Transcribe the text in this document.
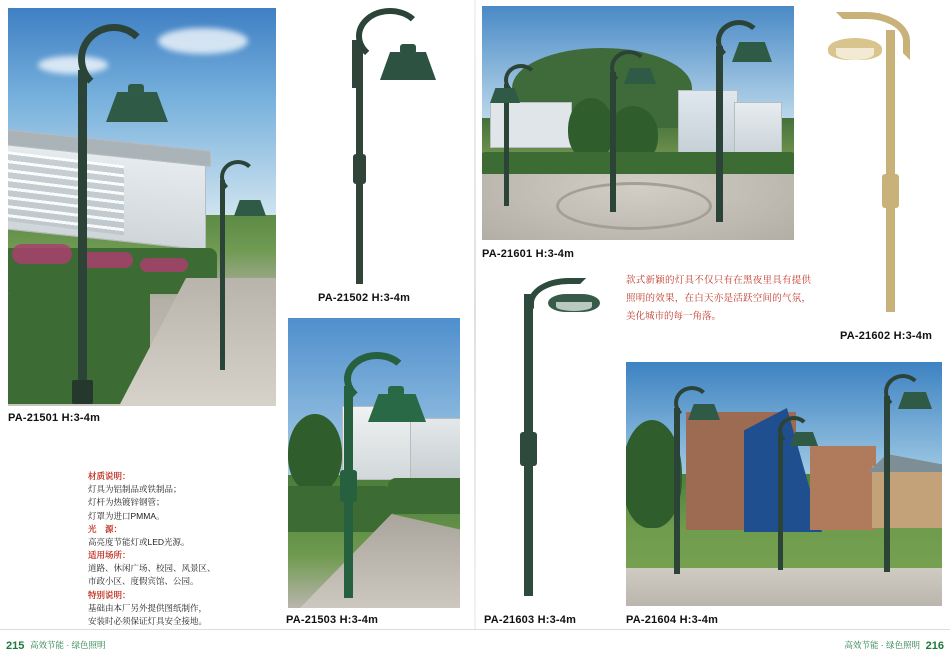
PA-21501 H:3-4m
材质说明：
灯具为铝制品或铁制品；
灯杆为热镀锌钢管；
灯罩为进口PMMA。
光　源：
高亮度节能灯或LED光源。
适用场所：
道路、休闲广场、校园、风景区、
市政小区、度假宾馆、公园。
特别说明：
基础由本厂另外提供图纸制作，
安装时必须保证灯具安全接地。
PA-21502 H:3-4m
PA-21503 H:3-4m
PA-21601 H:3-4m
PA-21602 H:3-4m
款式新颖的灯具不仅只有在黑夜里具有提供照明的效果，在白天亦是活跃空间的气氛，美化城市的每一角落。
PA-21603 H:3-4m	PA-21604 H:3-4m
215 高效节能 · 绿色照明	216
高效节能 · 绿色照明
